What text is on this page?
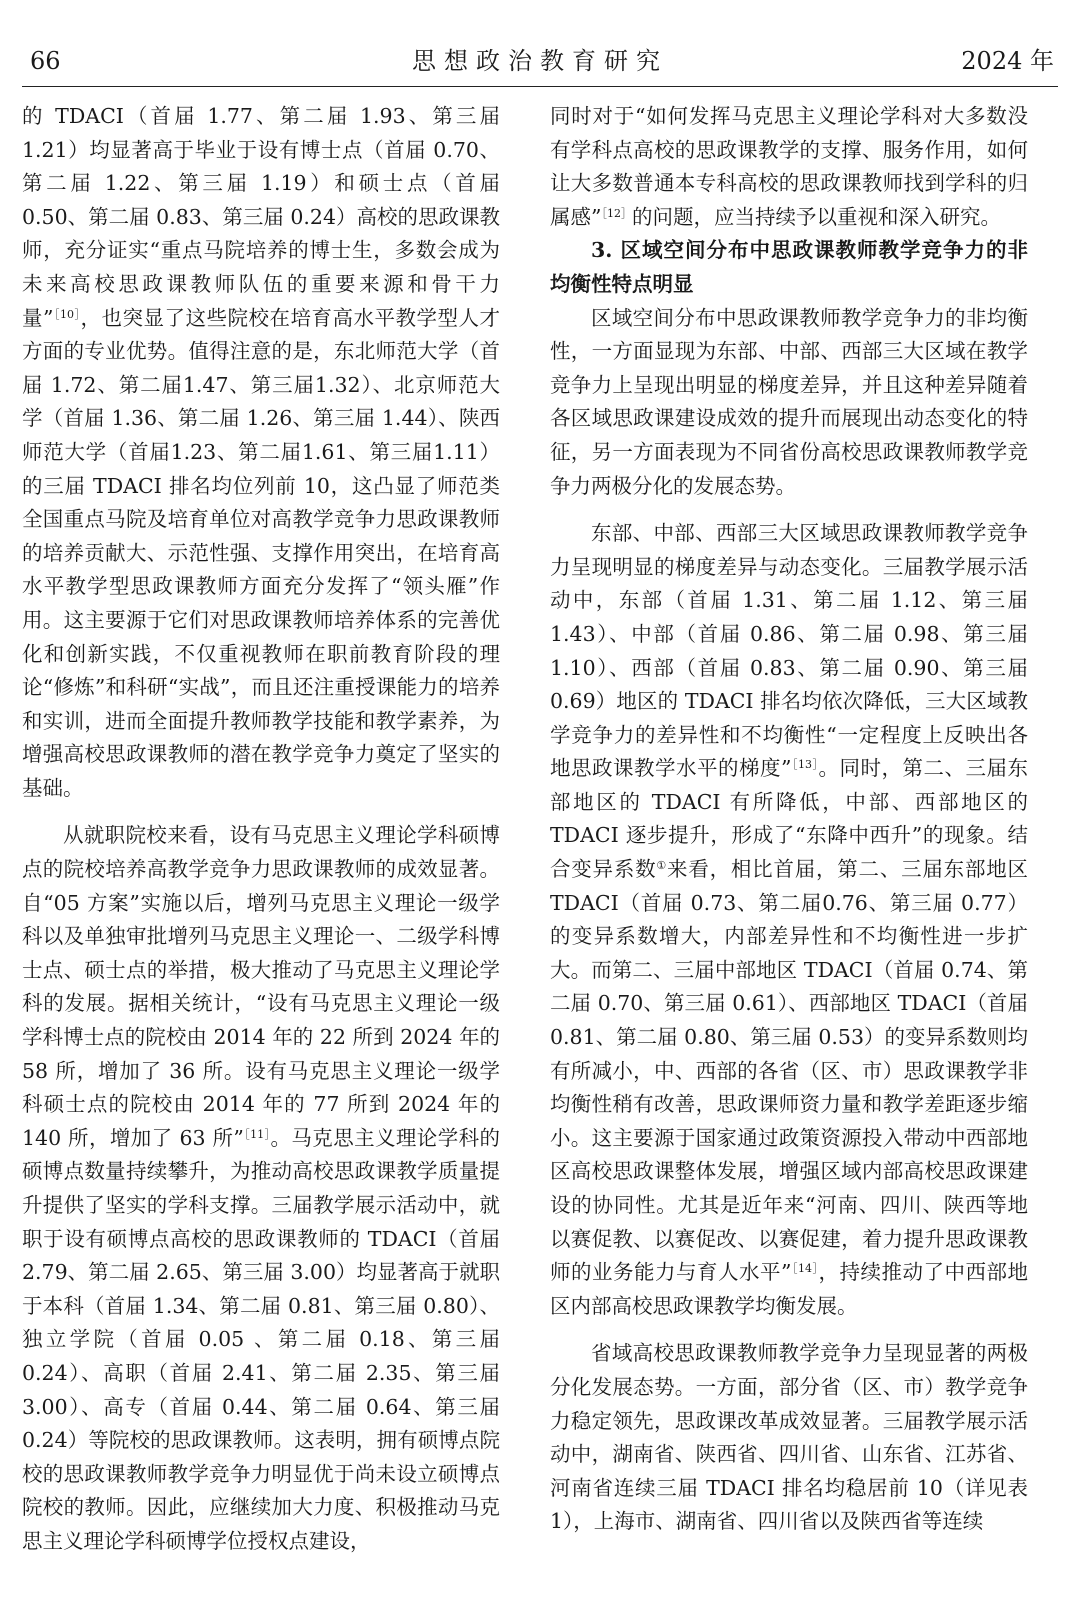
66	思想政治教育研究	2024 年

的 TDACI（首届 1.77、第二届 1.93、第三届 1.21）均显著高于毕业于设有博士点（首届 0.70、第二届 1.22、第三届 1.19）和硕士点（首届 0.50、第二届 0.83、第三届 0.24）高校的思政课教师，充分证实“重点马院培养的博士生，多数会成为未来高校思政课教师队伍的重要来源和骨干力量”$^{[10]}$，也突显了这些院校在培育高水平教学型人才方面的专业优势。值得注意的是，东北师范大学（首届 1.72、第二届1.47、第三届1.32）、北京师范大学（首届 1.36、第二届 1.26、第三届 1.44）、陕西师范大学（首届1.23、第二届1.61、第三届1.11）的三届 TDACI 排名均位列前 10，这凸显了师范类全国重点马院及培育单位对高教学竞争力思政课教师的培养贡献大、示范性强、支撑作用突出，在培育高水平教学型思政课教师方面充分发挥了“领头雁”作用。这主要源于它们对思政课教师培养体系的完善优化和创新实践，不仅重视教师在职前教育阶段的理论“修炼”和科研“实战”，而且还注重授课能力的培养和实训，进而全面提升教师教学技能和教学素养，为增强高校思政课教师的潜在教学竞争力奠定了坚实的基础。

从就职院校来看，设有马克思主义理论学科硕博点的院校培养高教学竞争力思政课教师的成效显著。自“05 方案”实施以后，增列马克思主义理论一级学科以及单独审批增列马克思主义理论一、二级学科博士点、硕士点的举措，极大推动了马克思主义理论学科的发展。据相关统计，“设有马克思主义理论一级学科博士点的院校由 2014 年的 22 所到 2024 年的 58 所，增加了 36 所。设有马克思主义理论一级学科硕士点的院校由 2014 年的 77 所到 2024 年的 140 所，增加了 63 所”$^{[11]}$。马克思主义理论学科的硕博点数量持续攀升，为推动高校思政课教学质量提升提供了坚实的学科支撑。三届教学展示活动中，就职于设有硕博点高校的思政课教师的 TDACI（首届 2.79、第二届 2.65、第三届 3.00）均显著高于就职于本科（首届 1.34、第二届 0.81、第三届 0.80）、独立学院（首届 0.05 、第二届 0.18、第三届 0.24）、高职（首届 2.41、第二届 2.35、第三届 3.00）、高专（首届 0.44、第二届 0.64、第三届0.24）等院校的思政课教师。这表明，拥有硕博点院校的思政课教师教学竞争力明显优于尚未设立硕博点院校的教师。因此，应继续加大力度、积极推动马克思主义理论学科硕博学位授权点建设，

同时对于“如何发挥马克思主义理论学科对大多数没有学科点高校的思政课教学的支撑、服务作用，如何让大多数普通本专科高校的思政课教师找到学科的归属感”$^{[12]}$的问题，应当持续予以重视和深入研究。

3. 区域空间分布中思政课教师教学竞争力的非均衡性特点明显

区域空间分布中思政课教师教学竞争力的非均衡性，一方面显现为东部、中部、西部三大区域在教学竞争力上呈现出明显的梯度差异，并且这种差异随着各区域思政课建设成效的提升而展现出动态变化的特征，另一方面表现为不同省份高校思政课教师教学竞争力两极分化的发展态势。

东部、中部、西部三大区域思政课教师教学竞争力呈现明显的梯度差异与动态变化。三届教学展示活动中，东部（首届 1.31、第二届 1.12、第三届 1.43）、中部（首届 0.86、第二届 0.98、第三届 1.10）、西部（首届 0.83、第二届 0.90、第三届0.69）地区的 TDACI 排名均依次降低，三大区域教学竞争力的差异性和不均衡性“一定程度上反映出各地思政课教学水平的梯度”$^{[13]}$。同时，第二、三届东部地区的 TDACI 有所降低，中部、西部地区的 TDACI 逐步提升，形成了“东降中西升”的现象。结合变异系数①来看，相比首届，第二、三届东部地区 TDACI（首届 0.73、第二届0.76、第三届 0.77）的变异系数增大，内部差异性和不均衡性进一步扩大。而第二、三届中部地区 TDACI（首届 0.74、第二届 0.70、第三届 0.61）、西部地区 TDACI（首届 0.81、第二届 0.80、第三届 0.53）的变异系数则均有所减小，中、西部的各省（区、市）思政课教学非均衡性稍有改善，思政课师资力量和教学差距逐步缩小。这主要源于国家通过政策资源投入带动中西部地区高校思政课整体发展，增强区域内部高校思政课建设的协同性。尤其是近年来“河南、四川、陕西等地以赛促教、以赛促改、以赛促建，着力提升思政课教师的业务能力与育人水平”$^{[14]}$，持续推动了中西部地区内部高校思政课教学均衡发展。

省域高校思政课教师教学竞争力呈现显著的两极分化发展态势。一方面，部分省（区、市）教学竞争力稳定领先，思政课改革成效显著。三届教学展示活动中，湖南省、陕西省、四川省、山东省、江苏省、河南省连续三届 TDACI 排名均稳居前 10（详见表 1），上海市、湖南省、四川省以及陕西省等连续
